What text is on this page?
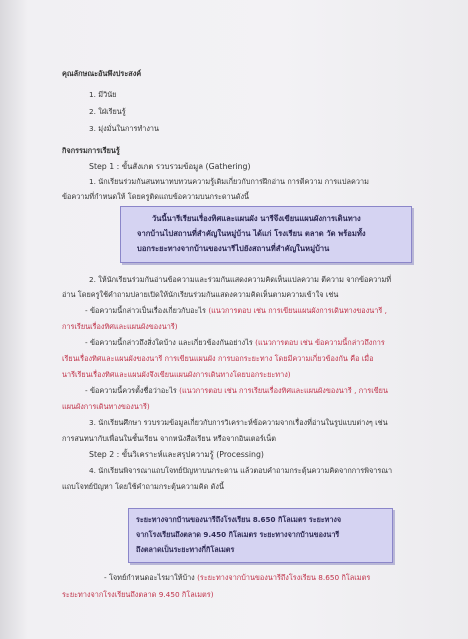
คุณลักษณะอันพึงประสงค์
1. มีวินัย
2. ใฝ่เรียนรู้
3. มุ่งมั่นในการทำงาน
กิจกรรมการเรียนรู้
Step 1 : ขั้นสังเกต รวบรวมข้อมูล (Gathering)
1. นักเรียนร่วมกันสนทนาทบทวนความรู้เดิมเกี่ยวกับการฝึกอ่าน การตีความ การแปลความ
ข้อความที่กำหนดให้ โดยครูติดแถบข้อความบนกระดานดังนี้
วันนี้นารีเรียนเรื่องทิศและแผนผัง นารีจึงเขียนแผนผังการเดินทาง
จากบ้านไปสถานที่สำคัญในหมู่บ้าน ได้แก่ โรงเรียน ตลาด วัด พร้อมทั้ง
บอกระยะทางจากบ้านของนารีไปยังสถานที่สำคัญในหมู่บ้าน
2. ให้นักเรียนร่วมกันอ่านข้อความและร่วมกันแสดงความคิดเห็นแปลความ ตีความ จากข้อความที่
อ่าน โดยครูใช้คำถามปลายเปิดให้นักเรียนร่วมกันแสดงความคิดเห็นตามความเข้าใจ เช่น
- ข้อความนี้กล่าวเป็นเรื่องเกี่ยวกับอะไร (แนวการตอบ เช่น การเขียนแผนผังการเดินทางของนารี ,
การเรียนเรื่องทิศและแผนผังของนารี)
- ข้อความนี้กล่าวถึงสิ่งใดบ้าง และเกี่ยวข้องกันอย่างไร (แนวการตอบ เช่น ข้อความนี้กล่าวถึงการ
เรียนเรื่องทิศและแผนผังของนารี การเขียนแผนผัง การบอกระยะทาง โดยมีความเกี่ยวข้องกัน คือ เมื่อ
นารีเรียนเรื่องทิศและแผนผังจึงเขียนแผนผังการเดินทางโดยบอกระยะทาง)
- ข้อความนี้ควรตั้งชื่อว่าอะไร (แนวการตอบ เช่น การเรียนเรื่องทิศและแผนผังของนารี , การเขียน
แผนผังการเดินทางของนารี)
3. นักเรียนศึกษา รวบรวมข้อมูลเกี่ยวกับการวิเคราะห์ข้อความจากเรื่องที่อ่านในรูปแบบต่างๆ เช่น
การสนทนากับเพื่อนในชั้นเรียน จากหนังสือเรียน หรือจากอินเตอร์เน็ต
Step 2 : ขั้นวิเคราะห์และสรุปความรู้ (Processing)
4. นักเรียนพิจารณาแถบโจทย์ปัญหาบนกระดาน แล้วตอบคำถามกระตุ้นความคิดจากการพิจารณา
แถบโจทย์ปัญหา โดยใช้คำถามกระตุ้นความคิด ดังนี้
ระยะทางจากบ้านของนารีถึงโรงเรียน 8.650 กิโลเมตร ระยะทางจ
จากโรงเรียนถึงตลาด 9.450 กิโลเมตร ระยะทางจากบ้านของนารี
ถึงตลาดเป็นระยะทางกี่กิโลเมตร
- โจทย์กำหนดอะไรมาให้บ้าง (ระยะทางจากบ้านของนารีถึงโรงเรียน 8.650 กิโลเมตร
ระยะทางจากโรงเรียนถึงตลาด 9.450 กิโลเมตร)
